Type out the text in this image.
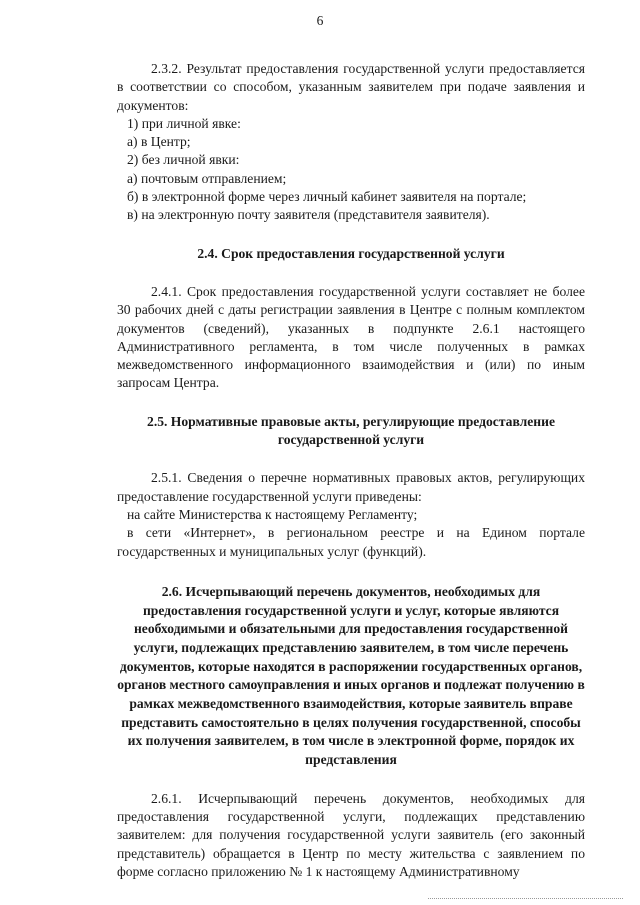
6

2.3.2. Результат предоставления государственной услуги предоставляется в соответствии со способом, указанным заявителем при подаче заявления и документов:

1) при личной явке:

а) в Центр;

2) без личной явки:

а) почтовым отправлением;

б) в электронной форме через личный кабинет заявителя на портале;

в) на электронную почту заявителя (представителя заявителя).

2.4. Срок предоставления государственной услуги

2.4.1. Срок предоставления государственной услуги составляет не более 30 рабочих дней с даты регистрации заявления в Центре с полным комплектом документов (сведений), указанных в подпункте 2.6.1 настоящего Административного регламента, в том числе полученных в рамках межведомственного информационного взаимодействия и (или) по иным запросам Центра.

2.5. Нормативные правовые акты, регулирующие предоставление государственной услуги

2.5.1. Сведения о перечне нормативных правовых актов, регулирующих предоставление государственной услуги приведены:

на сайте Министерства к настоящему Регламенту;

в сети «Интернет», в региональном реестре и на Едином портале государственных и муниципальных услуг (функций).

2.6. Исчерпывающий перечень документов, необходимых для предоставления государственной услуги и услуг, которые являются необходимыми и обязательными для предоставления государственной услуги, подлежащих представлению заявителем, в том числе перечень документов, которые находятся в распоряжении государственных органов, органов местного самоуправления и иных органов и подлежат получению в рамках межведомственного взаимодействия, которые заявитель вправе представить самостоятельно в целях получения государственной, способы их получения заявителем, в том числе в электронной форме, порядок их представления

2.6.1. Исчерпывающий перечень документов, необходимых для предоставления государственной услуги, подлежащих представлению заявителем: для получения государственной услуги заявитель (его законный представитель) обращается в Центр по месту жительства с заявлением по форме согласно приложению № 1 к настоящему Административному
